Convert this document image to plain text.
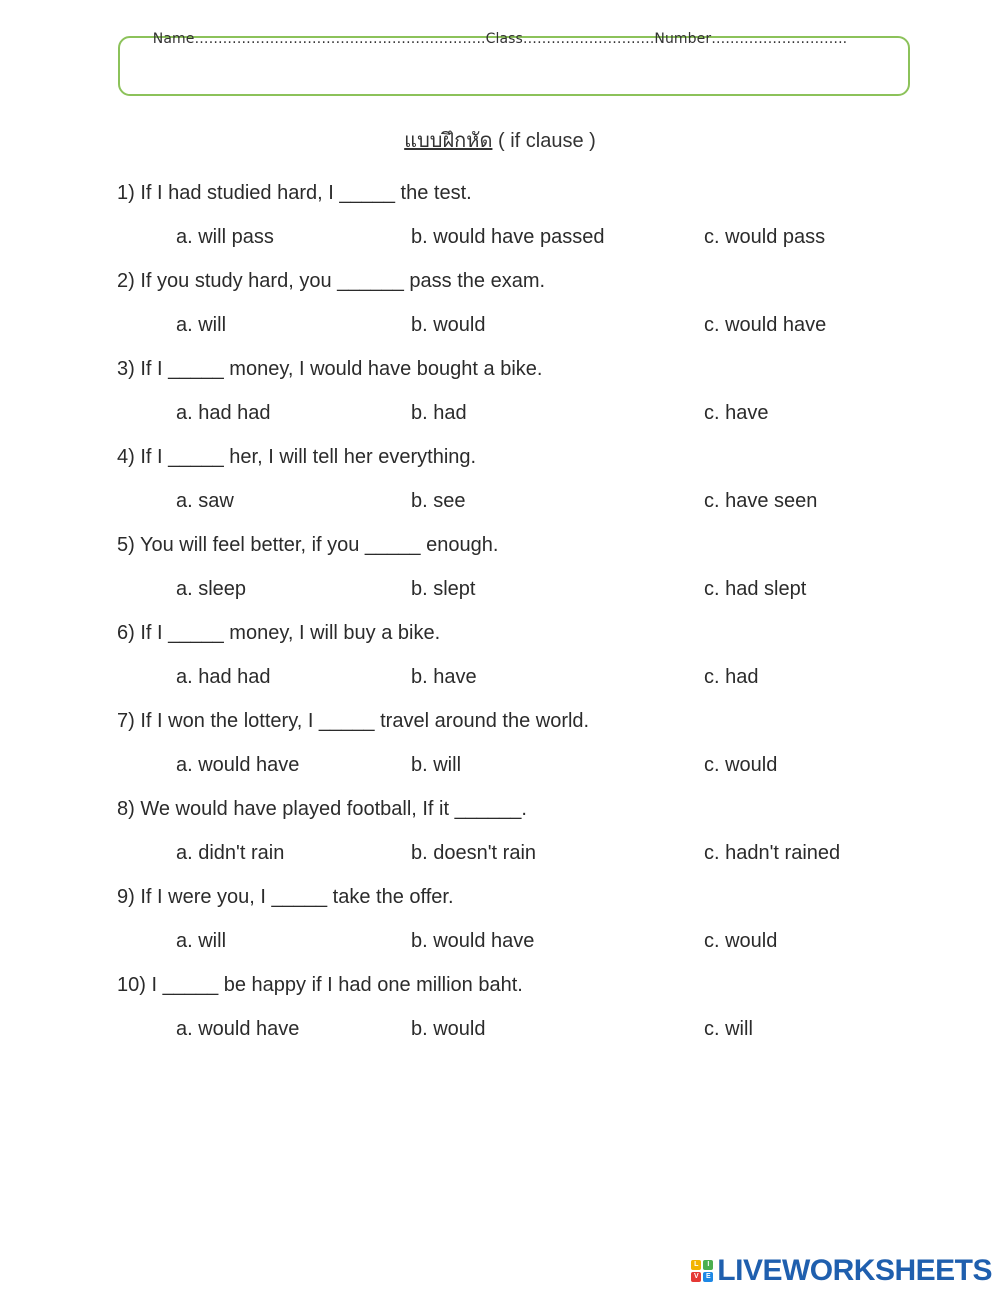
Name……………………………………………………..Class……………………….Number………………………..
แบบฝึกหัด ( if clause )
1) If I had studied hard, I _____ the test.
a. will pass	b. would have passed	c. would pass
2) If you study hard, you ______ pass the exam.
a. will	b. would	c. would have
3) If I _____ money, I would have bought a bike.
a. had had	b. had	c. have
4) If I _____ her, I will tell her everything.
a. saw	b. see	c. have seen
5) You will feel better, if you _____ enough.
a. sleep	b. slept	c. had slept
6) If I _____ money, I will buy a bike.
a. had had	b. have	c. had
7) If I won the lottery, I _____ travel around the world.
a. would have	b. will	c. would
8) We would have played football, If it ______.
a. didn't rain	b. doesn't rain	c. hadn't rained
9) If I were you, I _____ take the offer.
a. will	b. would have	c. would
10) I _____ be happy if I had one million baht.
a. would have	b. would	c. will
L	I
V	E LIVEWORKSHEETS
